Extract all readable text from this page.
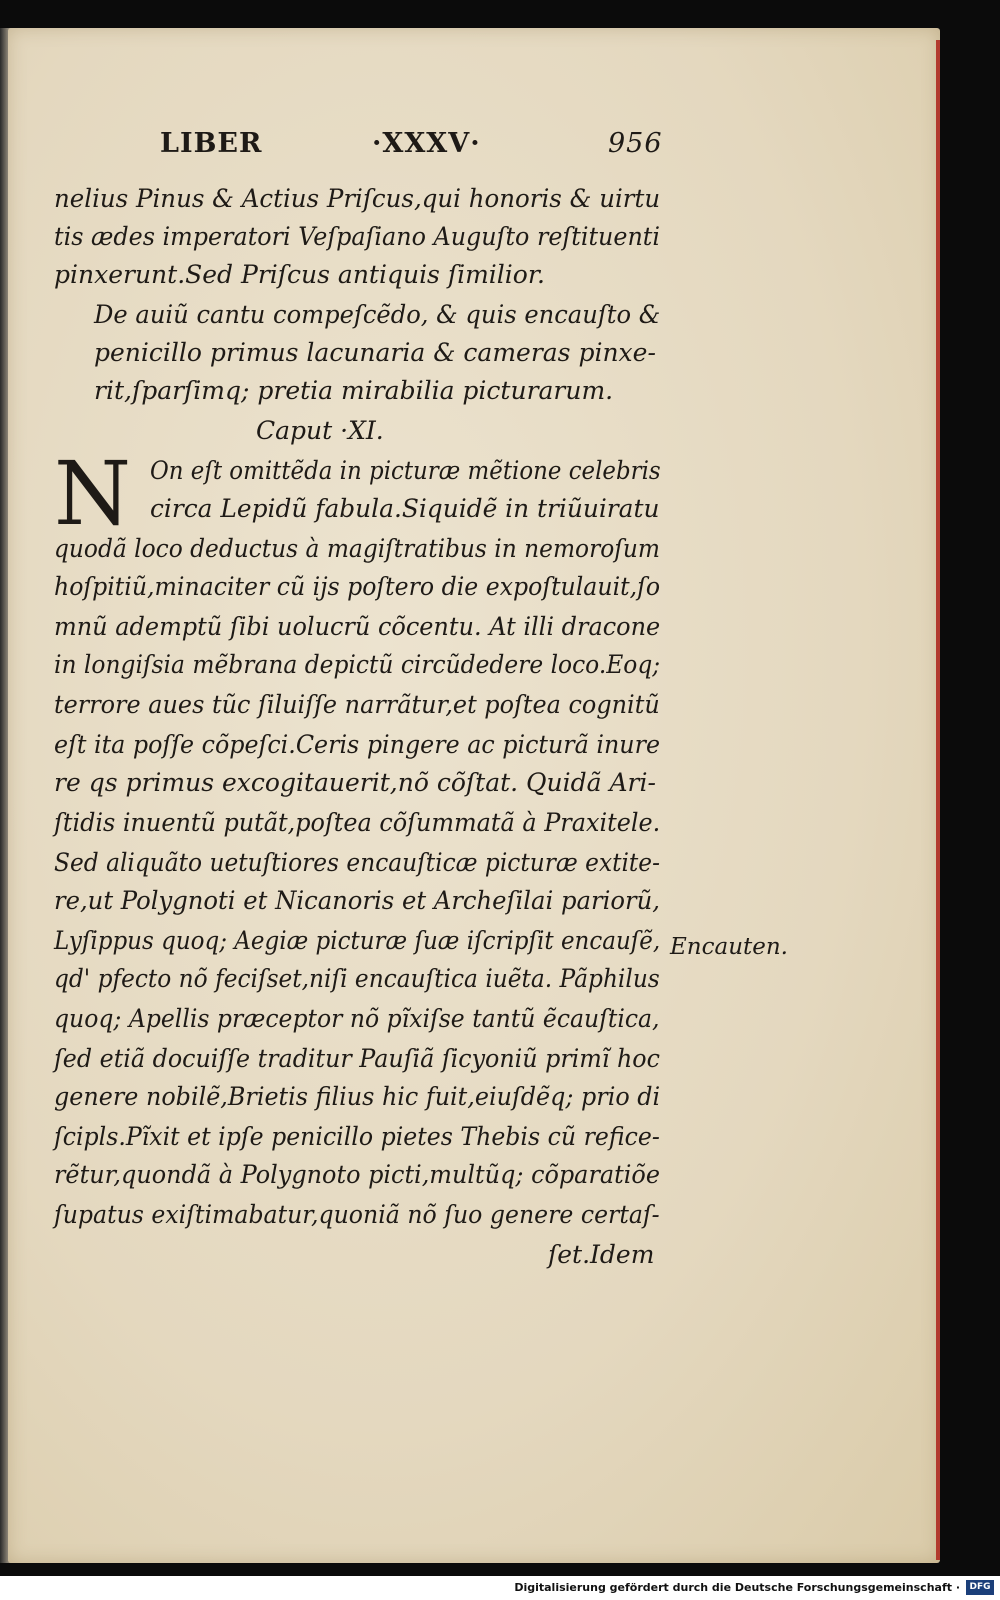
LIBER	·XXXV·	956
nelius Pinus & Actius Priſcus,qui honoris & uirtu
tis ædes imperatori Veſpaſiano Auguſto reſtituenti
pinxerunt.Sed Priſcus antiquis ſimilior.
De auiũ cantu compeſcẽdo, & quis encauſto &
penicillo primus lacunaria & cameras pinxe-
rit,ſparſimq; pretia mirabilia picturarum.
Caput ·XI.
On eſt omittẽda in picturæ mẽtione celebris
circa Lepidũ fabula.Siquidẽ in triũuiratu
quodã loco deductus à magiſtratibus in nemoroſum
hoſpitiũ,minaciter cũ ijs poſtero die expoſtulauit,ſo
mnũ ademptũ ſibi uolucrũ cõcentu. At illi dracone
in longiſsia mẽbrana depictũ circũdedere loco.Eoq;
terrore aues tũc ſiluiſſe narrãtur,et poſtea cognitũ
eſt ita poſſe cõpeſci.Ceris pingere ac picturã inure
re qs primus excogitauerit,nõ cõſtat. Quidã Ari-
ſtidis inuentũ putãt,poſtea cõſummatã à Praxitele.
Sed aliquãto uetuſtiores encauſticæ picturæ extite-
re,ut Polygnoti et Nicanoris et Archeſilai pariorũ,
Lyſippus quoq; Aegiæ picturæ ſuæ iſcripſit encauſẽ,
qd' pfecto nõ feciſset,niſi encauſtica iuẽta. Pãphilus
quoq; Apellis præceptor nõ pĩxiſse tantũ ẽcauſtica,
ſed etiã docuiſſe traditur Pauſiã ſicyoniũ primĩ hoc
genere nobilẽ,Brietis filius hic fuit,eiuſdẽq; prio di
ſcipls.Pĩxit et ipſe penicillo pietes Thebis cũ refice-
rẽtur,quondã à Polygnoto picti,multũq; cõparatiõe
ſupatus exiſtimabatur,quoniã nõ ſuo genere certaſ-
ſet.Idem
N
Encauten.
Digitalisierung gefördert durch die Deutsche Forschungsgemeinschaft ·	DFG
